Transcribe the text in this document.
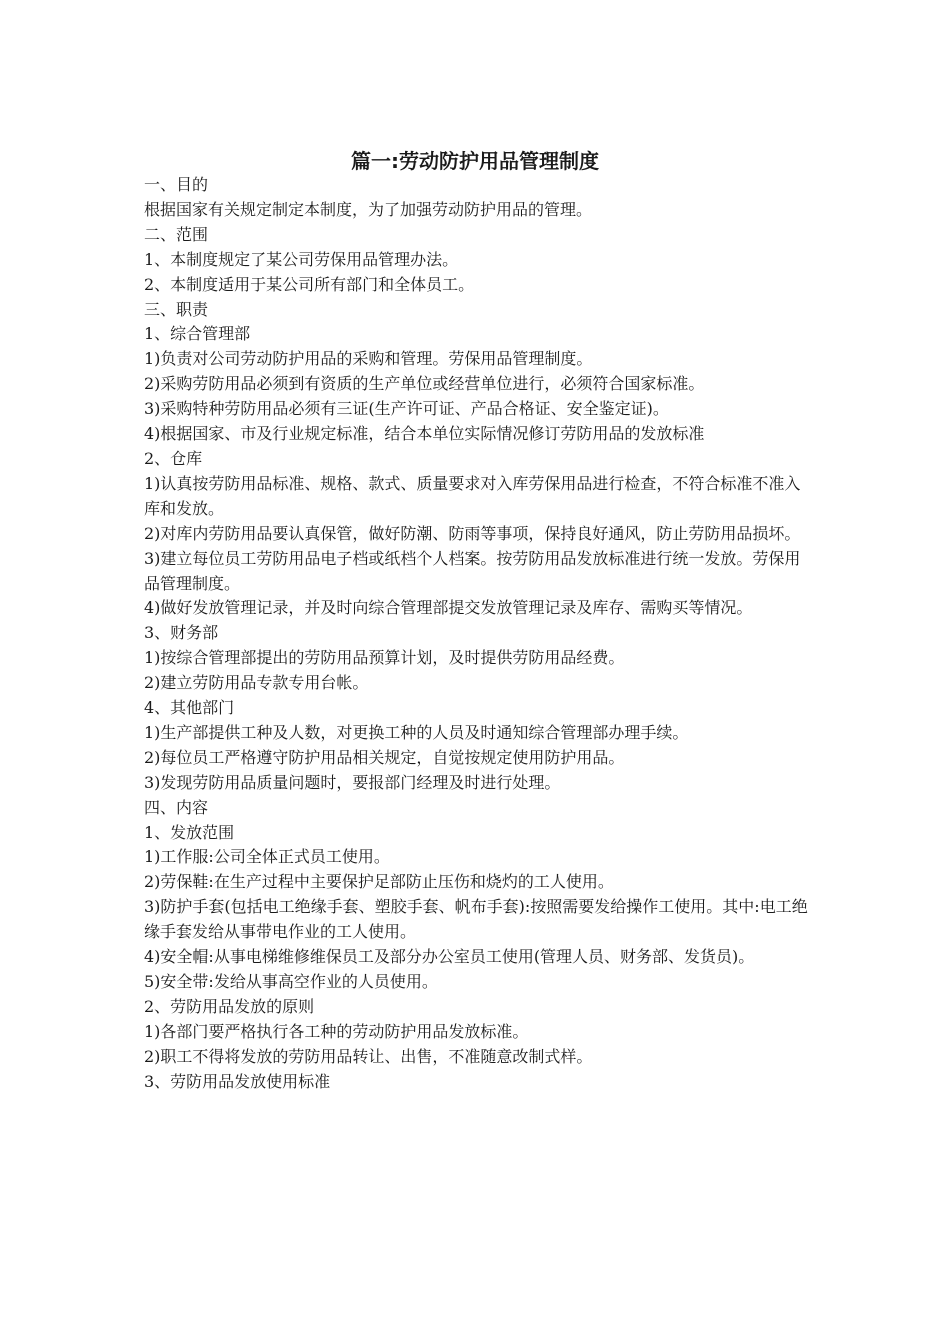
篇一:劳动防护用品管理制度

一、目的

根据国家有关规定制定本制度，为了加强劳动防护用品的管理。

二、范围

1、本制度规定了某公司劳保用品管理办法。

2、本制度适用于某公司所有部门和全体员工。

三、职责

1、综合管理部

1)负责对公司劳动防护用品的采购和管理。劳保用品管理制度。

2)采购劳防用品必须到有资质的生产单位或经营单位进行，必须符合国家标准。

3)采购特种劳防用品必须有三证(生产许可证、产品合格证、安全鉴定证)。

4)根据国家、市及行业规定标准，结合本单位实际情况修订劳防用品的发放标准

2、仓库

1)认真按劳防用品标准、规格、款式、质量要求对入库劳保用品进行检查，不符合标准不准入库和发放。

2)对库内劳防用品要认真保管，做好防潮、防雨等事项，保持良好通风，防止劳防用品损坏。

3)建立每位员工劳防用品电子档或纸档个人档案。按劳防用品发放标准进行统一发放。劳保用品管理制度。

4)做好发放管理记录，并及时向综合管理部提交发放管理记录及库存、需购买等情况。

3、财务部

1)按综合管理部提出的劳防用品预算计划，及时提供劳防用品经费。

2)建立劳防用品专款专用台帐。

4、其他部门

1)生产部提供工种及人数，对更换工种的人员及时通知综合管理部办理手续。

2)每位员工严格遵守防护用品相关规定，自觉按规定使用防护用品。

3)发现劳防用品质量问题时，要报部门经理及时进行处理。

四、内容

1、发放范围

1)工作服:公司全体正式员工使用。

2)劳保鞋:在生产过程中主要保护足部防止压伤和烧灼的工人使用。

3)防护手套(包括电工绝缘手套、塑胶手套、帆布手套):按照需要发给操作工使用。其中:电工绝缘手套发给从事带电作业的工人使用。

4)安全帽:从事电梯维修维保员工及部分办公室员工使用(管理人员、财务部、发货员)。

5)安全带:发给从事高空作业的人员使用。

2、劳防用品发放的原则

1)各部门要严格执行各工种的劳动防护用品发放标准。

2)职工不得将发放的劳防用品转让、出售，不准随意改制式样。

3、劳防用品发放使用标准
